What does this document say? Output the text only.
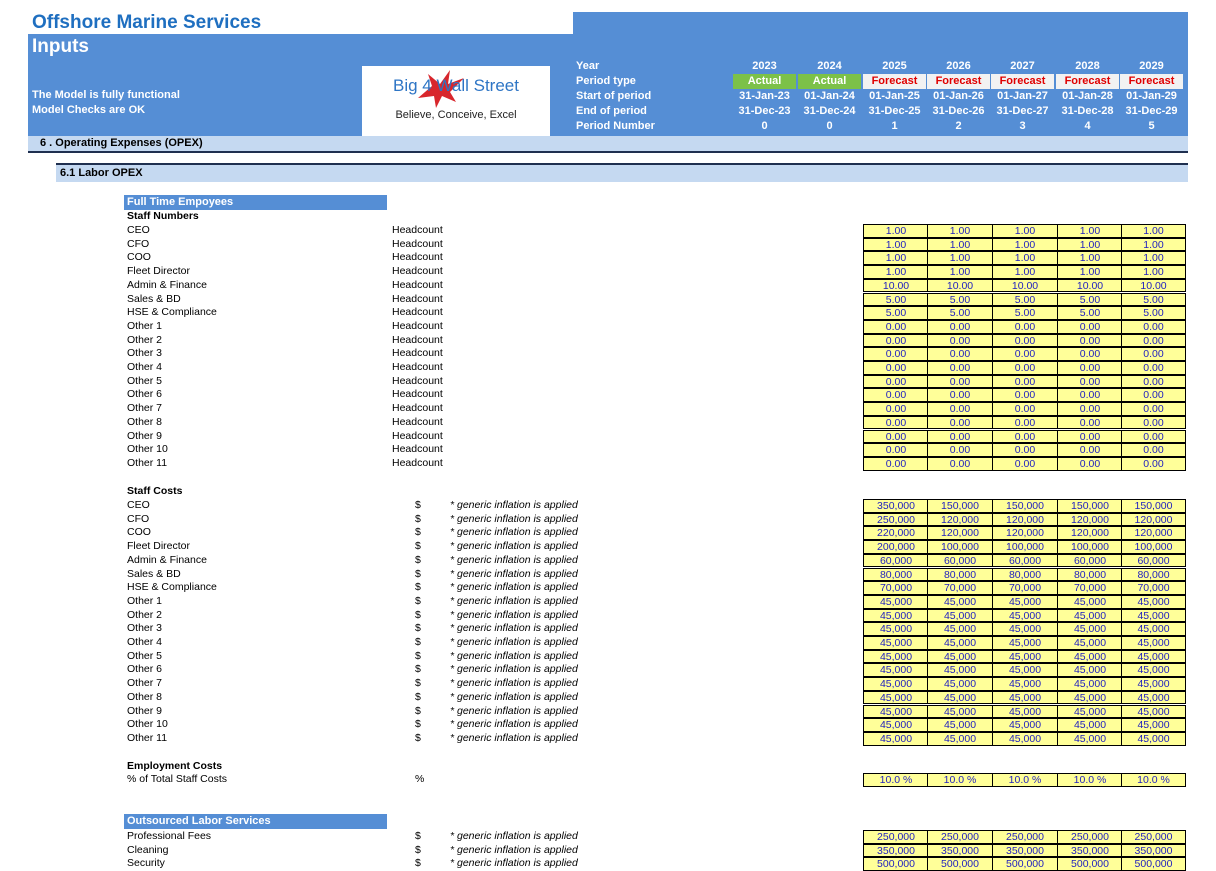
Offshore Marine Services
Inputs
The Model is fully functional
Model Checks are OK
Big 4 Wall Street
Believe, Conceive, Excel
Year	2023	2024	2025	2026	2027	2028	2029
Period type	Actual	Actual	Forecast	Forecast	Forecast	Forecast	Forecast
Start of period	31-Jan-23	01-Jan-24	01-Jan-25	01-Jan-26	01-Jan-27	01-Jan-28	01-Jan-29
End of period	31-Dec-23	31-Dec-24	31-Dec-25	31-Dec-26	31-Dec-27	31-Dec-28	31-Dec-29
Period Number	0	0	1	2	3	4	5
6 . Operating Expenses (OPEX)
6.1 Labor OPEX
Full Time Empoyees
Staff Numbers
CEO	Headcount	1.00	1.00	1.00	1.00	1.00
CFO	Headcount	1.00	1.00	1.00	1.00	1.00
COO	Headcount	1.00	1.00	1.00	1.00	1.00
Fleet Director	Headcount	1.00	1.00	1.00	1.00	1.00
Admin & Finance	Headcount	10.00	10.00	10.00	10.00	10.00
Sales & BD	Headcount	5.00	5.00	5.00	5.00	5.00
HSE & Compliance	Headcount	5.00	5.00	5.00	5.00	5.00
Other 1	Headcount	0.00	0.00	0.00	0.00	0.00
Other 2	Headcount	0.00	0.00	0.00	0.00	0.00
Other 3	Headcount	0.00	0.00	0.00	0.00	0.00
Other 4	Headcount	0.00	0.00	0.00	0.00	0.00
Other 5	Headcount	0.00	0.00	0.00	0.00	0.00
Other 6	Headcount	0.00	0.00	0.00	0.00	0.00
Other 7	Headcount	0.00	0.00	0.00	0.00	0.00
Other 8	Headcount	0.00	0.00	0.00	0.00	0.00
Other 9	Headcount	0.00	0.00	0.00	0.00	0.00
Other 10	Headcount	0.00	0.00	0.00	0.00	0.00
Other 11	Headcount	0.00	0.00	0.00	0.00	0.00
Staff Costs
CEO	$	* generic inflation is applied	350,000	150,000	150,000	150,000	150,000
CFO	$	* generic inflation is applied	250,000	120,000	120,000	120,000	120,000
COO	$	* generic inflation is applied	220,000	120,000	120,000	120,000	120,000
Fleet Director	$	* generic inflation is applied	200,000	100,000	100,000	100,000	100,000
Admin & Finance	$	* generic inflation is applied	60,000	60,000	60,000	60,000	60,000
Sales & BD	$	* generic inflation is applied	80,000	80,000	80,000	80,000	80,000
HSE & Compliance	$	* generic inflation is applied	70,000	70,000	70,000	70,000	70,000
Other 1	$	* generic inflation is applied	45,000	45,000	45,000	45,000	45,000
Other 2	$	* generic inflation is applied	45,000	45,000	45,000	45,000	45,000
Other 3	$	* generic inflation is applied	45,000	45,000	45,000	45,000	45,000
Other 4	$	* generic inflation is applied	45,000	45,000	45,000	45,000	45,000
Other 5	$	* generic inflation is applied	45,000	45,000	45,000	45,000	45,000
Other 6	$	* generic inflation is applied	45,000	45,000	45,000	45,000	45,000
Other 7	$	* generic inflation is applied	45,000	45,000	45,000	45,000	45,000
Other 8	$	* generic inflation is applied	45,000	45,000	45,000	45,000	45,000
Other 9	$	* generic inflation is applied	45,000	45,000	45,000	45,000	45,000
Other 10	$	* generic inflation is applied	45,000	45,000	45,000	45,000	45,000
Other 11	$	* generic inflation is applied	45,000	45,000	45,000	45,000	45,000
Employment Costs
% of Total Staff Costs	%	10.0 %	10.0 %	10.0 %	10.0 %	10.0 %
Outsourced Labor Services
Professional Fees	$	* generic inflation is applied	250,000	250,000	250,000	250,000	250,000
Cleaning	$	* generic inflation is applied	350,000	350,000	350,000	350,000	350,000
Security	$	* generic inflation is applied	500,000	500,000	500,000	500,000	500,000
